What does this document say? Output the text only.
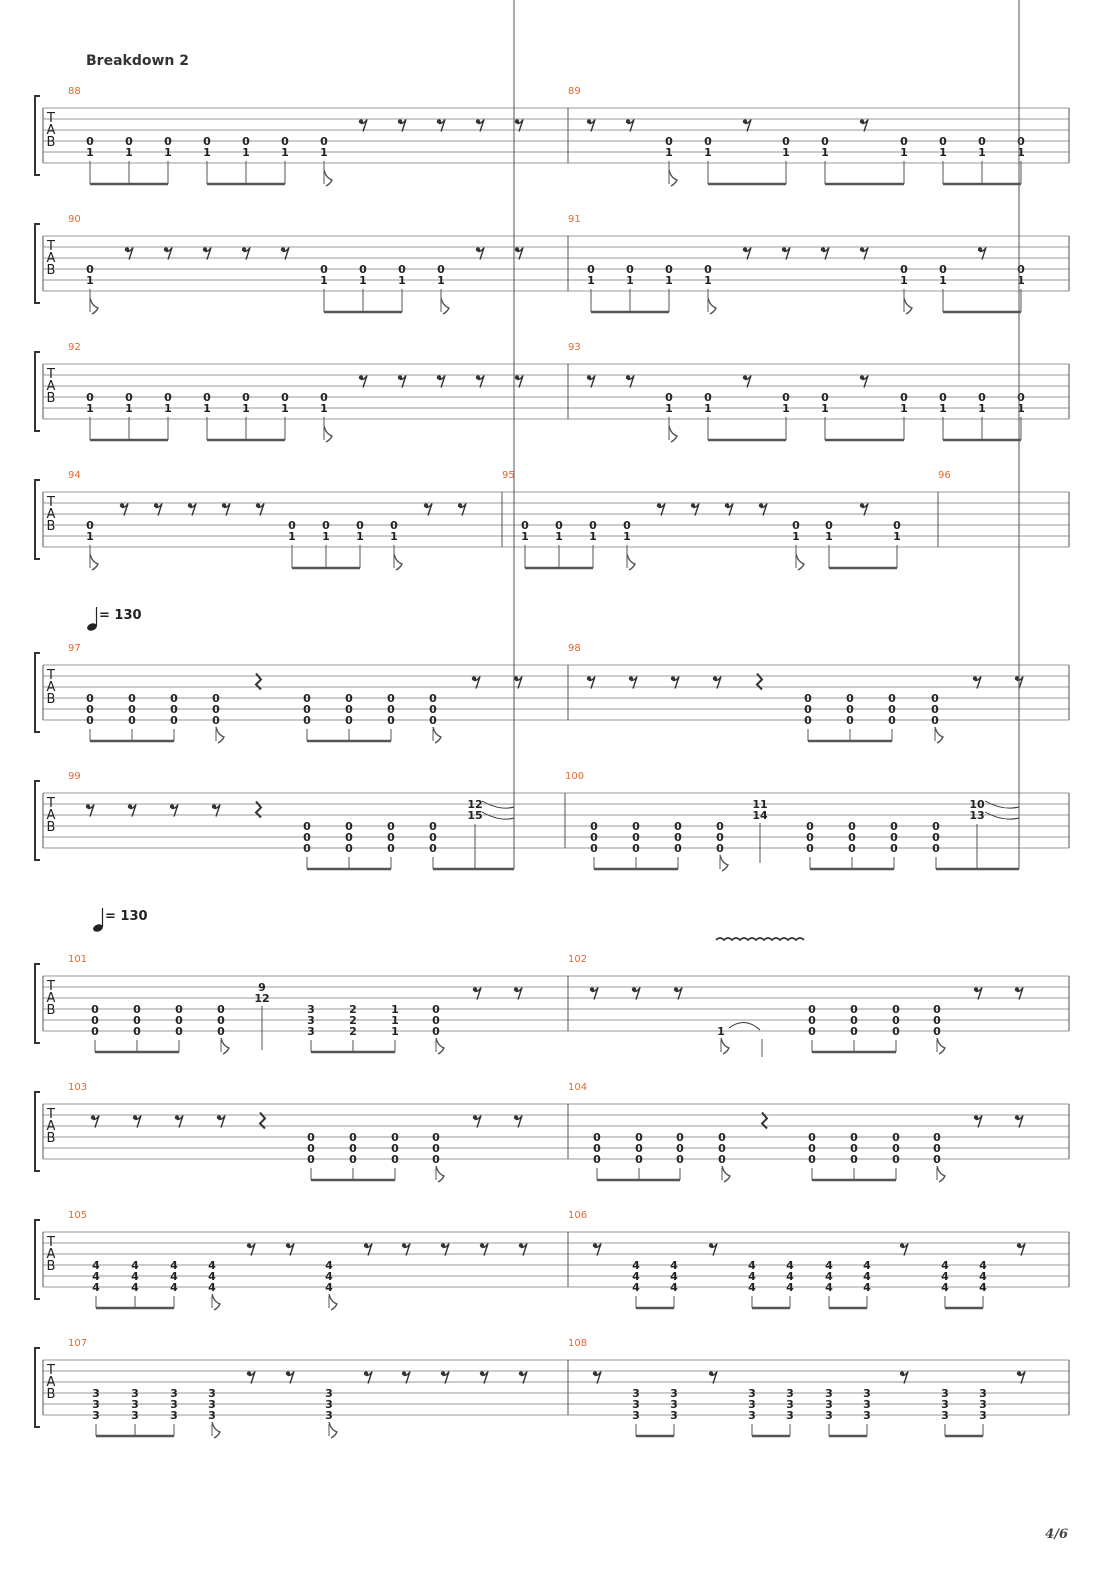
Breakdown 2
= 130
= 130
T
A
B
88	89
0
1
0
1
0
1
0
1
0
1
0
1
0
1
0
1
0
1
0
1
0
1
0
1
0
1
0
1
0
1
T
A
B
90	91
0
1
0
1
0
1
0
1
0
1
0
1
0
1
0
1
0
1
0
1
0
1
0
1
T
A
B
92	93
0
1
0
1
0
1
0
1
0
1
0
1
0
1
0
1
0
1
0
1
0
1
0
1
0
1
0
1
0
1
T
A
B
94	95	96
0
1
0
1
0
1
0
1
0
1
0
1
0
1
0
1
0
1
0
1
0
1
0
1
T
A
B
97	98
0
0
0
0
0
0
0
0
0
0
0
0
0
0
0
0
0
0
0
0
0
0
0
0
0
0
0
0
0
0
0
0
0
0
0
0
T
A
B
99	100
0
0
0
0
0
0
0
0
0
0
0
0
12
15
0
0
0
0
0
0
0
0
0
0
0
0
11
14
0
0
0
0
0
0
0
0
0
0
0
0
10
13
T
A
B
101	102
0
0
0
0
0
0
0
0
0
0
0
0
9
12
3
3
3
2
2
2
1
1
1
0
0
0	1
0
0
0
0
0
0
0
0
0
0
0
0
T
A
B
103	104
0
0
0
0
0
0
0
0
0
0
0
0
0
0
0
0
0
0
0
0
0
0
0
0
0
0
0
0
0
0
0
0
0
0
0
0
T
A
B
105	106
4
4
4
4
4
4
4
4
4
4
4
4
4
4
4
4
4
4
4
4
4
4
4
4
4
4
4
4
4
4
4
4
4
4
4
4
4
4
4
T
A
B
107	108
3
3
3
3
3
3
3
3
3
3
3
3
3
3
3
3
3
3
3
3
3
3
3
3
3
3
3
3
3
3
3
3
3
3
3
3
3
3
3
4/6
